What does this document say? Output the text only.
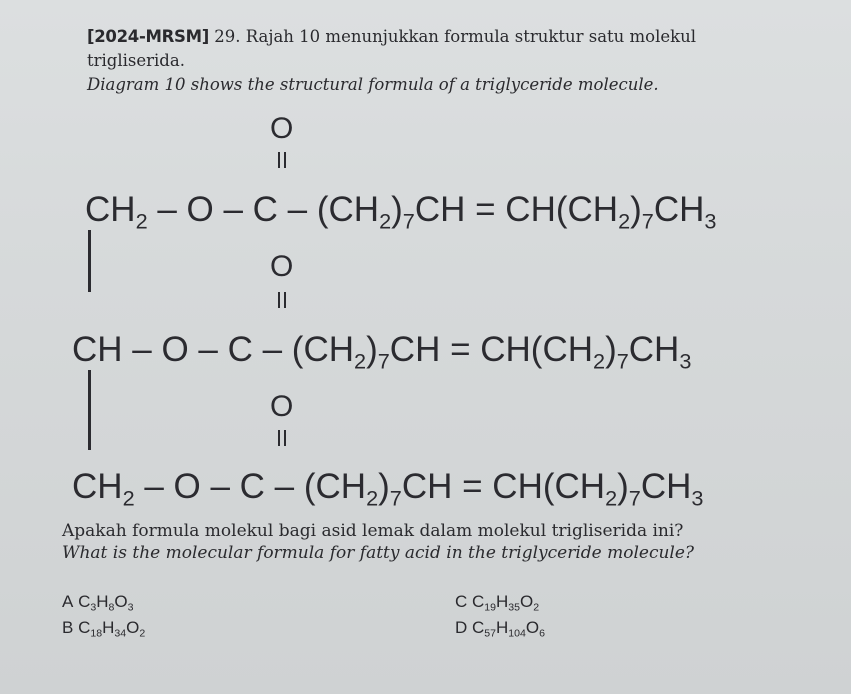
[2024-MRSM] 29. Rajah 10 menunjukkan formula struktur satu molekul
trigliserida.
Diagram 10 shows the structural formula of a triglyceride molecule.
O
O
O
$CH_2 - O - C - (CH_2)_7CH = CH(CH_2)_7CH_3$
CH – $O - C - (CH_2)_7CH = CH(CH_2)_7CH_3$
$CH_2 - O - C - (CH_2)_7CH = CH(CH_2)_7CH_3$
Apakah formula molekul bagi asid lemak dalam molekul trigliserida ini?
What is the molecular formula for fatty acid in the triglyceride molecule?
A $C_3H_8O_3$
B $C_{18}H_{34}O_2$
C $C_{19}H_{35}O_2$
D $C_{57}H_{104}O_6$
